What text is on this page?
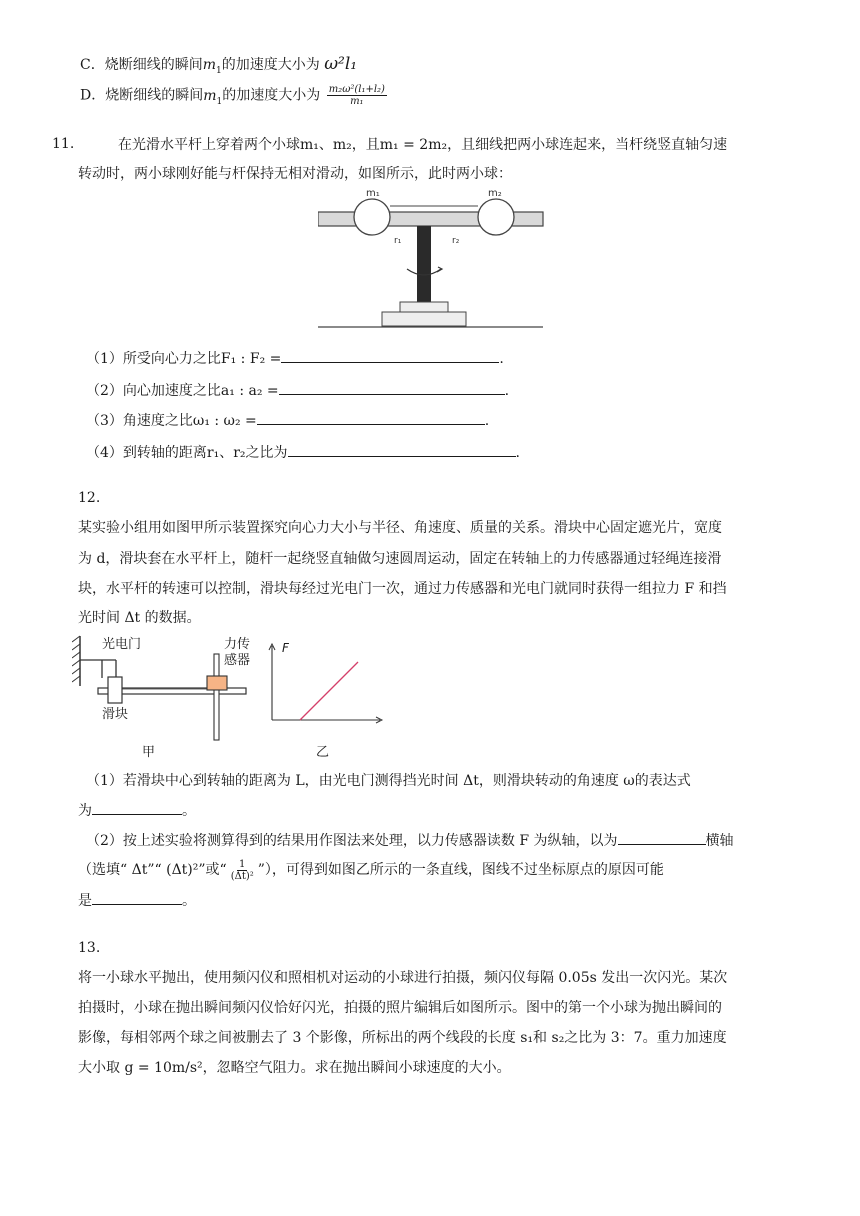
C．烧断细线的瞬间$m_1$的加速度大小为 ω²l₁
D．烧断细线的瞬间$m_1$的加速度大小为 $\frac{\text{m₂ω²(l₁+l₂)}}{\text{m₁}}$
11.	在光滑水平杆上穿着两个小球m₁、m₂，且m₁ = 2m₂，且细线把两小球连起来，当杆绕竖直轴匀速
转动时，两小球刚好能与杆保持无相对滑动，如图所示，此时两小球：
m₁	m₂
r₁	r₂
（1）所受向心力之比F₁ : F₂ =	.
（2）向心加速度之比a₁ : a₂ =	.
（3）角速度之比ω₁ : ω₂ =	.
（4）到转轴的距离r₁、r₂之比为	.
12.
某实验小组用如图甲所示装置探究向心力大小与半径、角速度、质量的关系。滑块中心固定遮光片，宽度
为 d，滑块套在水平杆上，随杆一起绕竖直轴做匀速圆周运动，固定在转轴上的力传感器通过轻绳连接滑
块，水平杆的转速可以控制，滑块每经过光电门一次，通过力传感器和光电门就同时获得一组拉力 F 和挡
光时间 Δt 的数据。
光电门	力传
感器
滑块
甲
F
乙
（1）若滑块中心到转轴的距离为 L，由光电门测得挡光时间 Δt，则滑块转动的角速度 ω的表达式
为	。
（2）按上述实验将测算得到的结果用作图法来处理，以力传感器读数 F 为纵轴，以为	横轴
（选填“ Δt”“ (Δt)²”或“ $\frac{1}{\text{(Δt)²}}$ ”），可得到如图乙所示的一条直线，图线不过坐标原点的原因可能
是	。
13.
将一小球水平抛出，使用频闪仪和照相机对运动的小球进行拍摄，频闪仪每隔 0.05s 发出一次闪光。某次
拍摄时，小球在抛出瞬间频闪仪恰好闪光，拍摄的照片编辑后如图所示。图中的第一个小球为抛出瞬间的
影像，每相邻两个球之间被删去了 3 个影像，所标出的两个线段的长度 s₁和 s₂之比为 3：7。重力加速度
大小取 g = 10m/s²，忽略空气阻力。求在抛出瞬间小球速度的大小。
